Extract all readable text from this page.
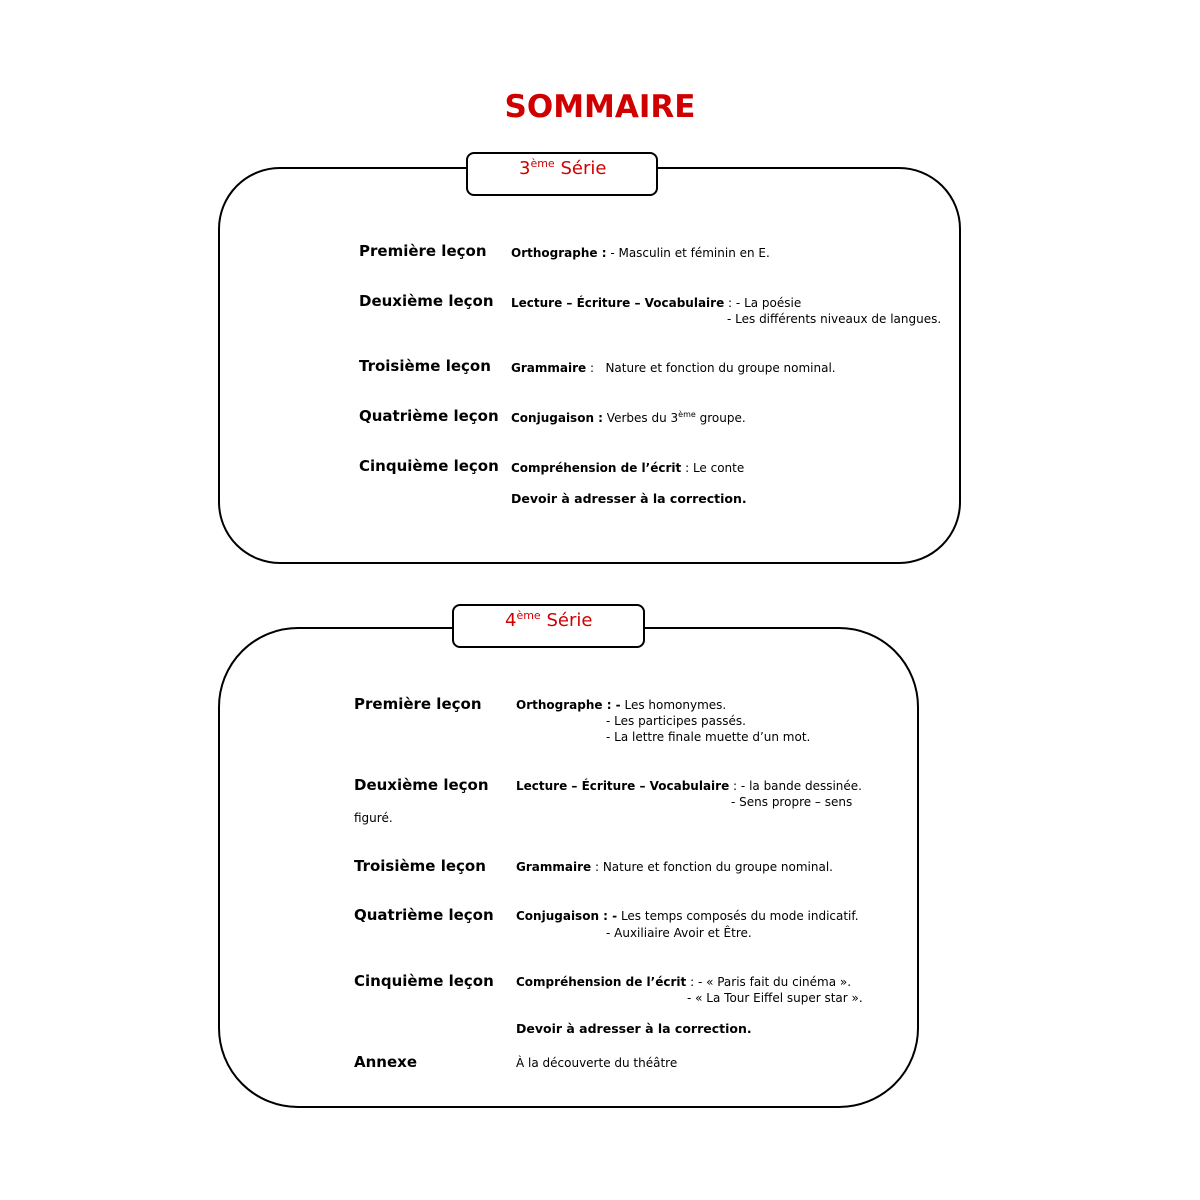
SOMMAIRE
3ème Série
Première leçon Orthographe : - Masculin et féminin en E.
Deuxième leçon Lecture – Écriture – Vocabulaire : - La poésie
- Les différents niveaux de langues.
Troisième leçon Grammaire : Nature et fonction du groupe nominal.
Quatrième leçon Conjugaison : Verbes du 3ème groupe.
Cinquième leçon Compréhension de l’écrit : Le conte
Devoir à adresser à la correction.
4ème Série
Première leçon	Orthographe : - Les homonymes.
- Les participes passés.
- La lettre finale muette d’un mot.
Deuxième leçon Lecture – Écriture – Vocabulaire : - la bande dessinée.
- Sens propre – sens
figuré.
Troisième leçon	Grammaire : Nature et fonction du groupe nominal.
Quatrième leçon Conjugaison : - Les temps composés du mode indicatif.
- Auxiliaire Avoir et Être.
Cinquième leçon Compréhension de l’écrit : - « Paris fait du cinéma ».
- « La Tour Eiffel super star ».
Devoir à adresser à la correction.
Annexe	À la découverte du théâtre
